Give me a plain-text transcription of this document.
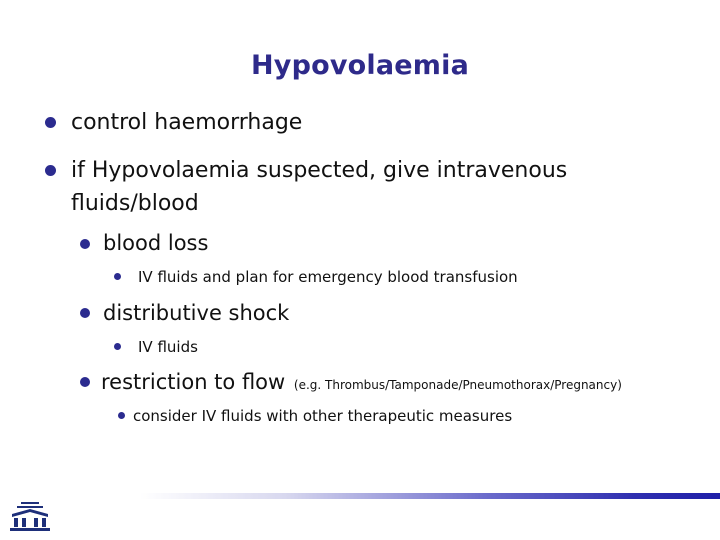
Hypovolaemia
control haemorrhage
if Hypovolaemia suspected, give intravenous
fluids/blood
blood loss
IV fluids and plan for emergency blood transfusion
distributive shock
IV fluids
restriction to flow (e.g. Thrombus/Tamponade/Pneumothorax/Pregnancy)
consider IV fluids with other therapeutic measures
